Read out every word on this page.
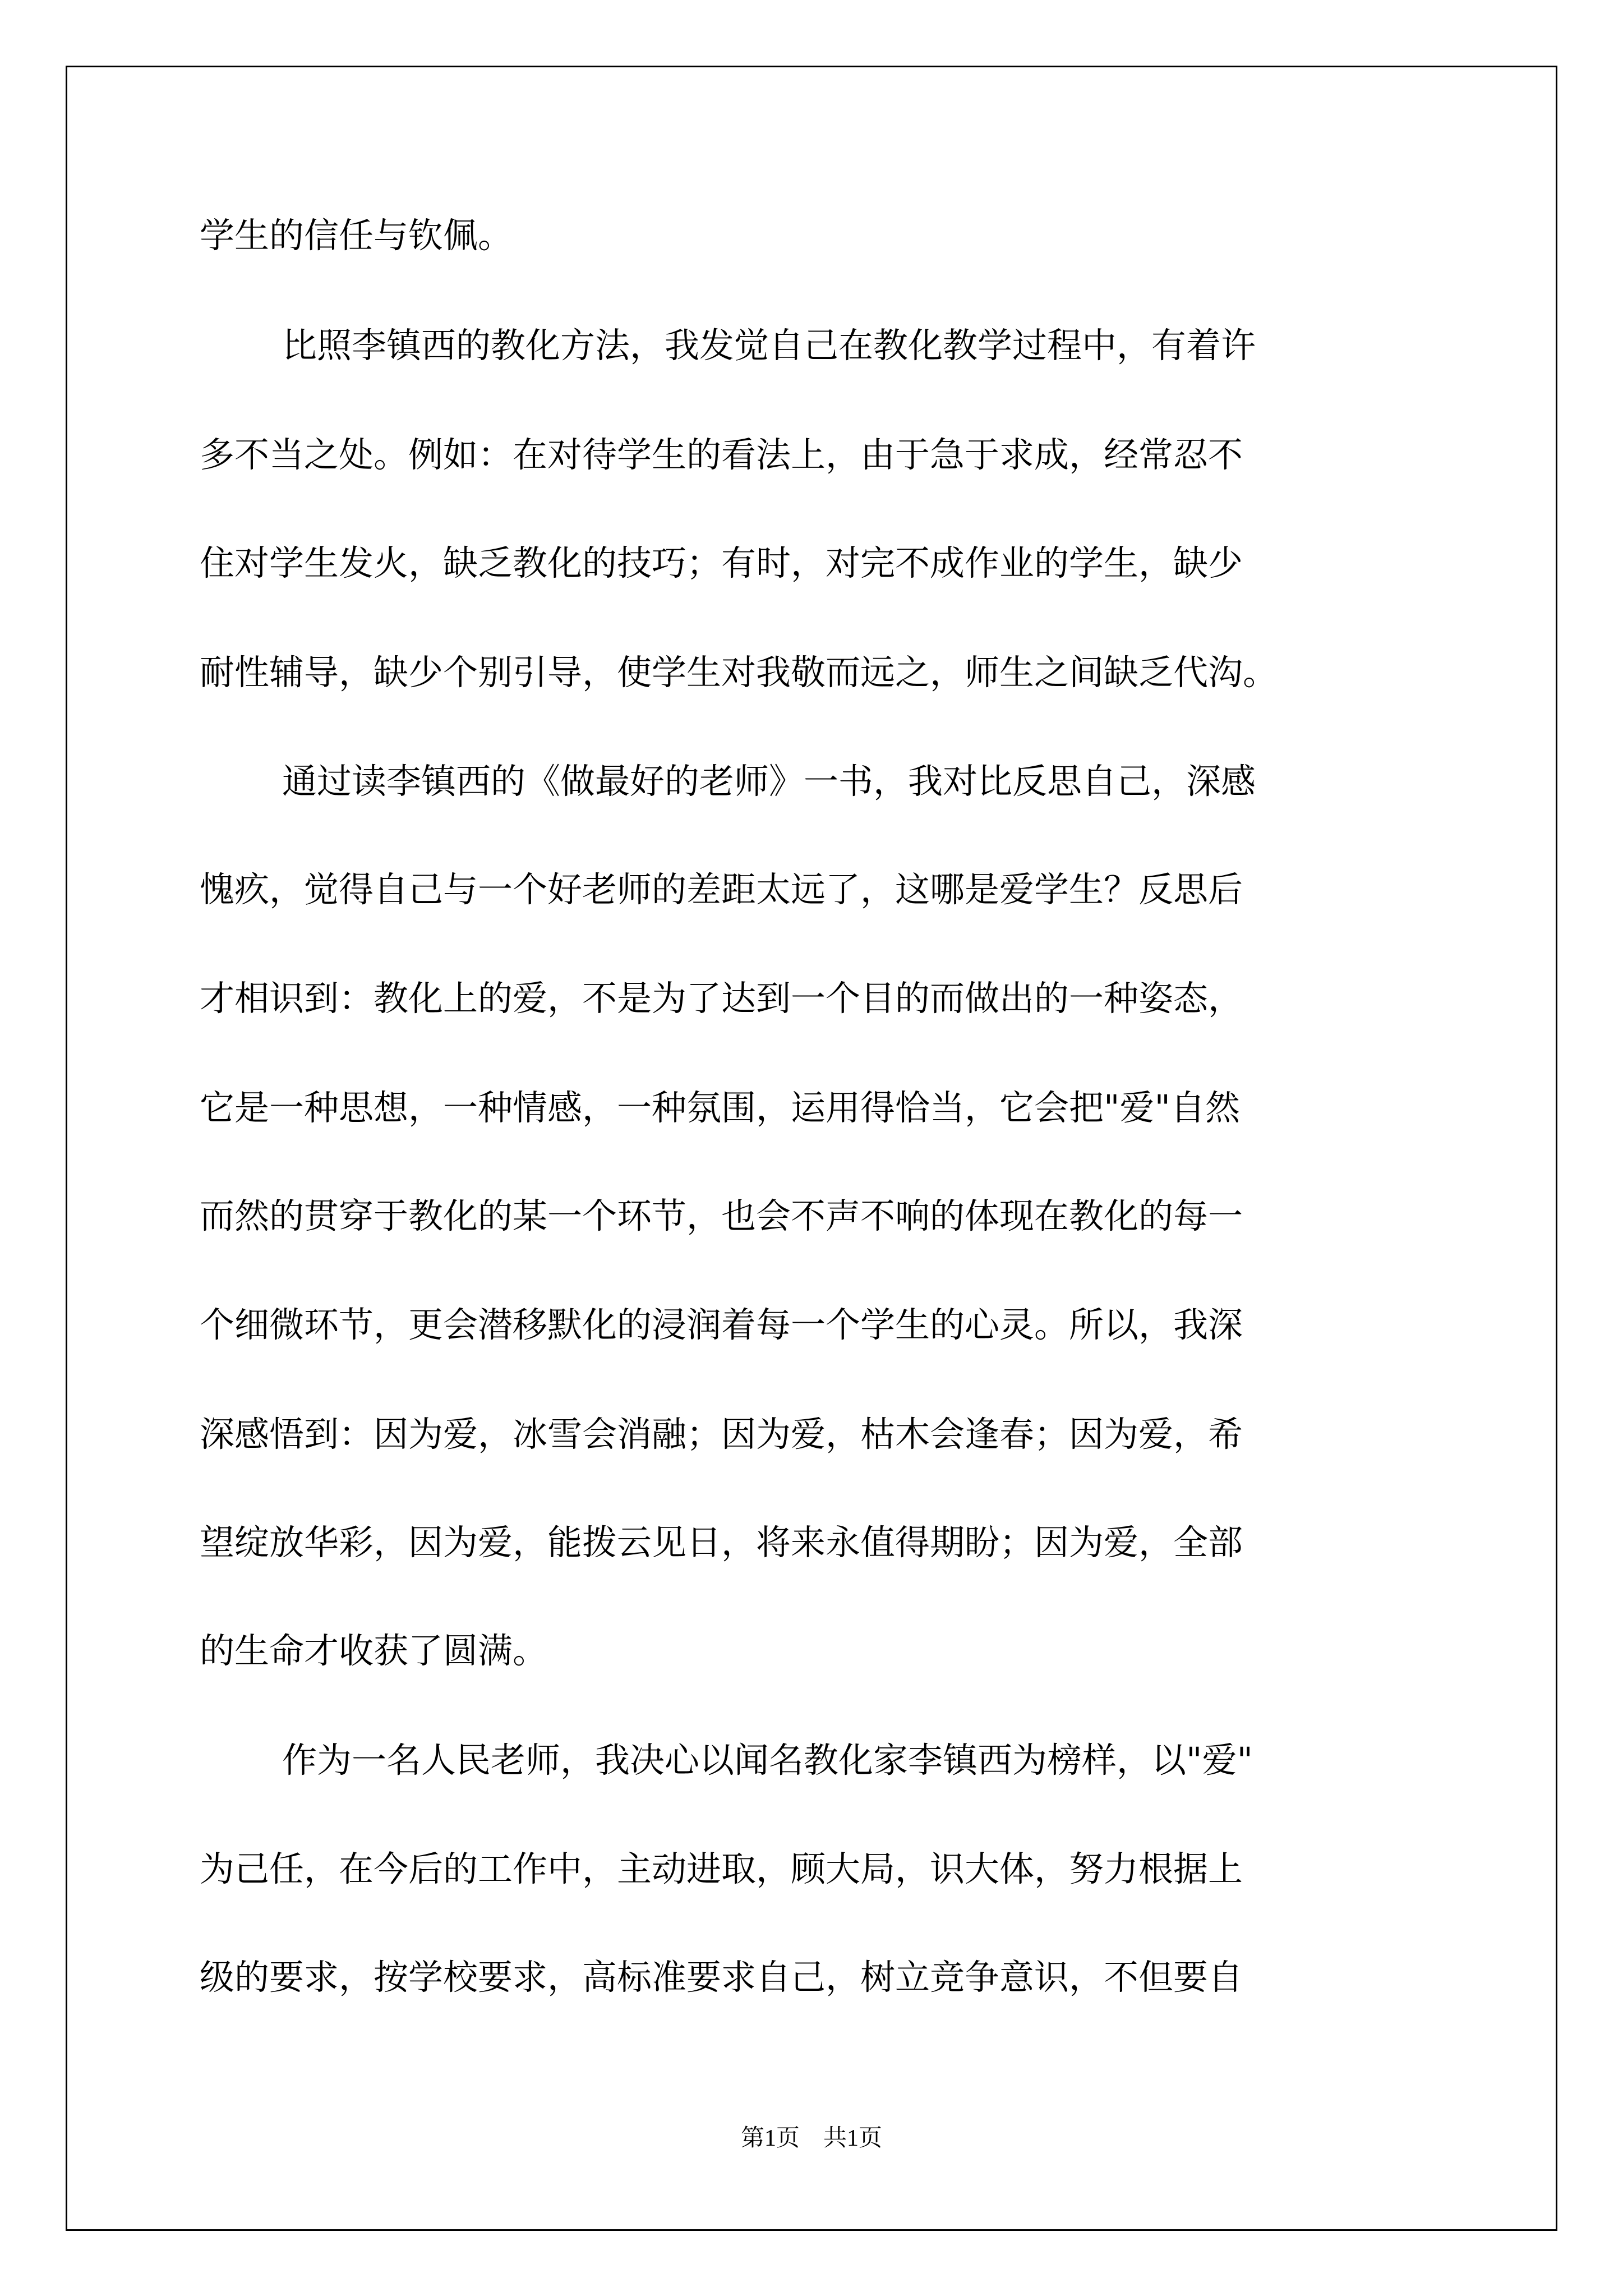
学生的信任与钦佩。
比照李镇西的教化方法，我发觉自己在教化教学过程中，有着许
多不当之处。例如：在对待学生的看法上，由于急于求成，经常忍不
住对学生发火，缺乏教化的技巧；有时，对完不成作业的学生，缺少
耐性辅导，缺少个别引导，使学生对我敬而远之，师生之间缺乏代沟。
通过读李镇西的《做最好的老师》一书，我对比反思自己，深感
愧疚，觉得自己与一个好老师的差距太远了，这哪是爱学生？反思后
才相识到：教化上的爱，不是为了达到一个目的而做出的一种姿态，
它是一种思想，一种情感，一种氛围，运用得恰当，它会把"爱"自然
而然的贯穿于教化的某一个环节，也会不声不响的体现在教化的每一
个细微环节，更会潜移默化的浸润着每一个学生的心灵。所以，我深
深感悟到：因为爱，冰雪会消融；因为爱，枯木会逢春；因为爱，希
望绽放华彩，因为爱，能拨云见日，将来永值得期盼；因为爱，全部
的生命才收获了圆满。
作为一名人民老师，我决心以闻名教化家李镇西为榜样，以"爱"
为己任，在今后的工作中，主动进取，顾大局，识大体，努力根据上
级的要求，按学校要求，高标准要求自己，树立竞争意识，不但要自
第1页　共1页
